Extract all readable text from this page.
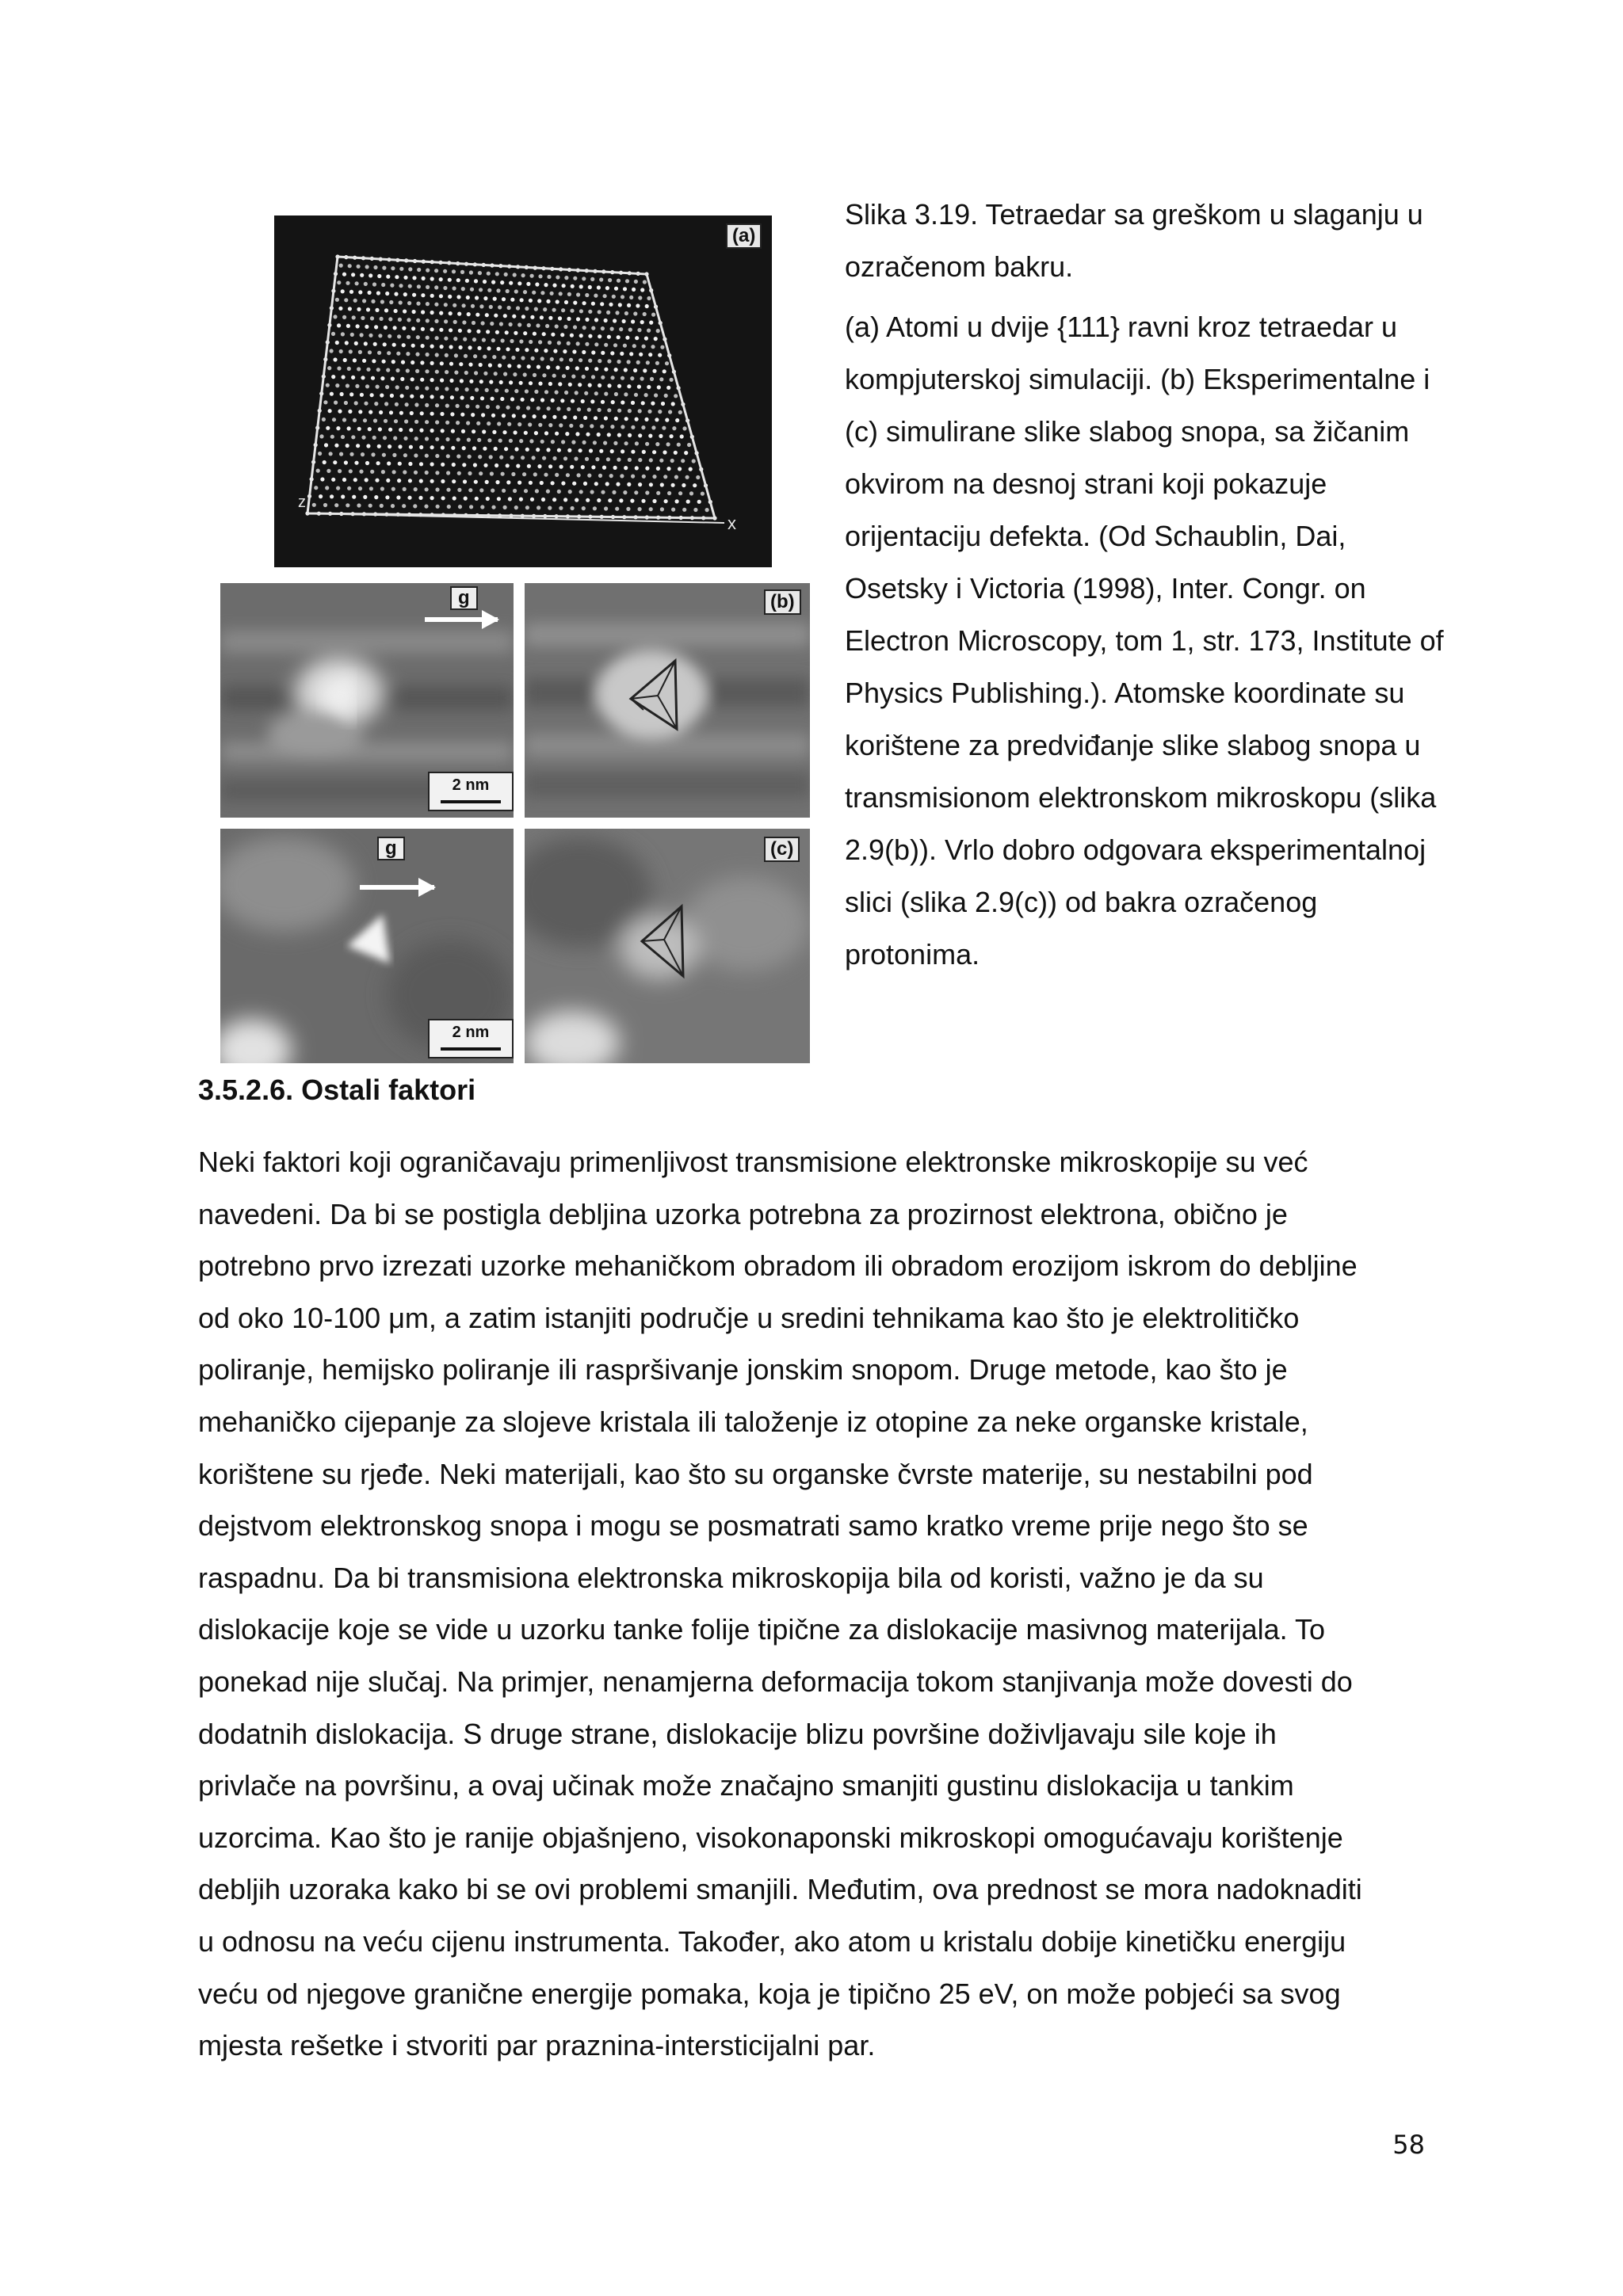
z
x
(a)
g
2 nm
(b)
g
2 nm
(c)

Slika 3.19. Tetraedar sa greškom u slaganju u ozračenom bakru.

(a) Atomi u dvije {111} ravni kroz tetraedar u kompjuterskoj simulaciji. (b) Eksperimentalne i (c) simulirane slike slabog snopa, sa žičanim okvirom na desnoj strani koji pokazuje orijentaciju defekta. (Od Schaublin, Dai, Osetsky i Victoria (1998), Inter. Congr. on Electron Microscopy, tom 1, str. 173, Institute of Physics Publishing.). Atomske koordinate su korištene za predviđanje slike slabog snopa u transmisionom elektronskom mikroskopu (slika 2.9(b)). Vrlo dobro odgovara eksperimentalnoj slici (slika 2.9(c)) od bakra ozračenog protonima.

3.5.2.6. Ostali faktori
Neki faktori koji ograničavaju primenljivost transmisione elektronske mikroskopije su već
navedeni. Da bi se postigla debljina uzorka potrebna za prozirnost elektrona, obično je
potrebno prvo izrezati uzorke mehaničkom obradom ili obradom erozijom iskrom do debljine
od oko 10-100 μm, a zatim istanjiti područje u sredini tehnikama kao što je elektrolitičko
poliranje, hemijsko poliranje ili raspršivanje jonskim snopom. Druge metode, kao što je
mehaničko cijepanje za slojeve kristala ili taloženje iz otopine za neke organske kristale,
korištene su rjeđe. Neki materijali, kao što su organske čvrste materije, su nestabilni pod
dejstvom elektronskog snopa i mogu se posmatrati samo kratko vreme prije nego što se
raspadnu. Da bi transmisiona elektronska mikroskopija bila od koristi, važno je da su
dislokacije koje se vide u uzorku tanke folije tipične za dislokacije masivnog materijala. To
ponekad nije slučaj. Na primjer, nenamjerna deformacija tokom stanjivanja može dovesti do
dodatnih dislokacija. S druge strane, dislokacije blizu površine doživljavaju sile koje ih
privlače na površinu, a ovaj učinak može značajno smanjiti gustinu dislokacija u tankim
uzorcima. Kao što je ranije objašnjeno, visokonaponski mikroskopi omogućavaju korištenje
debljih uzoraka kako bi se ovi problemi smanjili. Međutim, ova prednost se mora nadoknaditi
u odnosu na veću cijenu instrumenta. Također, ako atom u kristalu dobije kinetičku energiju
veću od njegove granične energije pomaka, koja je tipično 25 eV, on može pobjeći sa svog
mjesta rešetke i stvoriti par praznina-intersticijalni par.
58
